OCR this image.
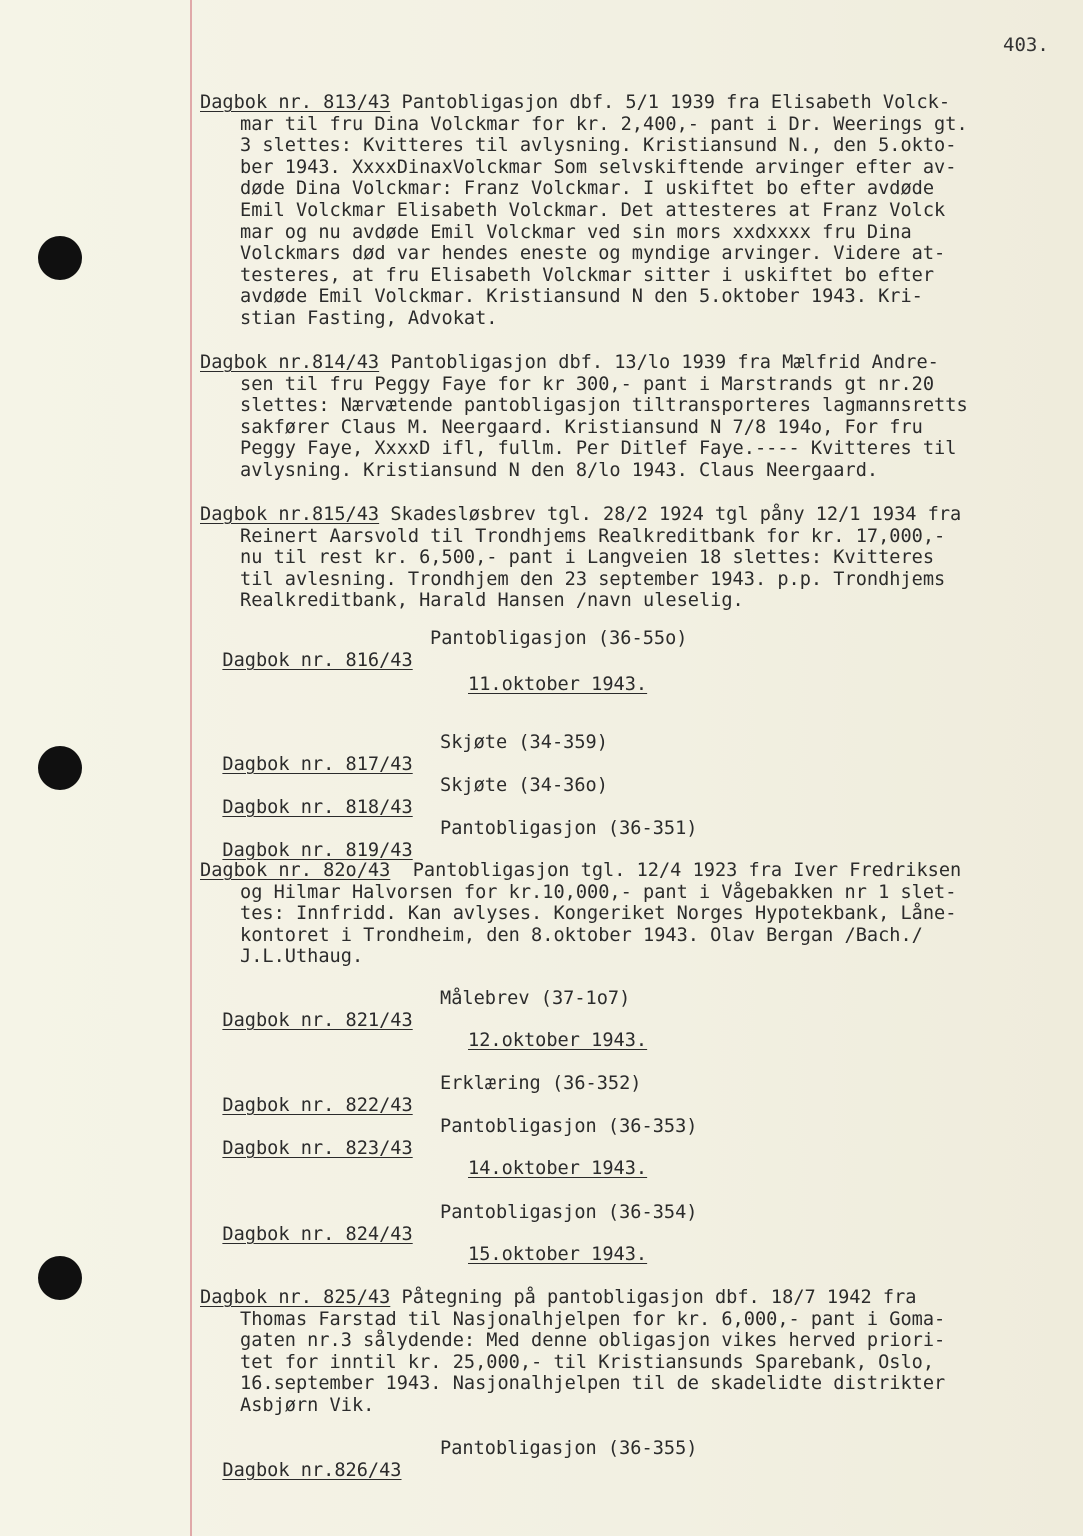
403.
Dagbok nr. 813/43 Pantobligasjon dbf. 5/1 1939 fra Elisabeth Volck-
mar til fru Dina Volckmar for kr. 2,400,- pant i Dr. Weerings gt.
3 slettes: Kvitteres til avlysning. Kristiansund N., den 5.okto-
ber 1943. XxxxDinaxVolckmar Som selvskiftende arvinger efter av-
døde Dina Volckmar: Franz Volckmar. I uskiftet bo efter avdøde
Emil Volckmar Elisabeth Volckmar. Det attesteres at Franz Volck
mar og nu avdøde Emil Volckmar ved sin mors xxdxxxx fru Dina
Volckmars død var hendes eneste og myndige arvinger. Videre at-
testeres, at fru Elisabeth Volckmar sitter i uskiftet bo efter
avdøde Emil Volckmar. Kristiansund N den 5.oktober 1943. Kri-
stian Fasting, Advokat.
Dagbok nr.814/43 Pantobligasjon dbf. 13/lo 1939 fra Mælfrid Andre-
sen til fru Peggy Faye for kr 300,- pant i Marstrands gt nr.20
slettes: Nærvætende pantobligasjon tiltransporteres lagmannsretts
sakfører Claus M. Neergaard. Kristiansund N 7/8 194o, For fru
Peggy Faye, XxxxD ifl, fullm. Per Ditlef Faye.---- Kvitteres til
avlysning. Kristiansund N den 8/lo 1943. Claus Neergaard.
Dagbok nr.815/43 Skadesløsbrev tgl. 28/2 1924 tgl påny 12/1 1934 fra
Reinert Aarsvold til Trondhjems Realkreditbank for kr. 17,000,-
nu til rest kr. 6,500,- pant i Langveien 18 slettes: Kvitteres
til avlesning. Trondhjem den 23 september 1943. p.p. Trondhjems
Realkreditbank, Harald Hansen /navn uleselig.

Dagbok nr. 816/43
Pantobligasjon (36-55o)

11.oktober 1943.

Dagbok nr. 817/43
Skjøte (34-359)

Dagbok nr. 818/43
Skjøte (34-36o)

Dagbok nr. 819/43
Pantobligasjon (36-351)

Dagbok nr. 82o/43 Pantobligasjon tgl. 12/4 1923 fra Iver Fredriksen
og Hilmar Halvorsen for kr.10,000,- pant i Vågebakken nr 1 slet-
tes: Innfridd. Kan avlyses. Kongeriket Norges Hypotekbank, Låne-
kontoret i Trondheim, den 8.oktober 1943. Olav Bergan /Bach./
J.L.Uthaug.

Dagbok nr. 821/43
Målebrev (37-1o7)

12.oktober 1943.

Dagbok nr. 822/43
Erklæring (36-352)

Dagbok nr. 823/43
Pantobligasjon (36-353)

14.oktober 1943.

Dagbok nr. 824/43
Pantobligasjon (36-354)

15.oktober 1943.
Dagbok nr. 825/43 Påtegning på pantobligasjon dbf. 18/7 1942 fra
Thomas Farstad til Nasjonalhjelpen for kr. 6,000,- pant i Goma-
gaten nr.3 sålydende: Med denne obligasjon vikes herved priori-
tet for inntil kr. 25,000,- til Kristiansunds Sparebank, Oslo,
16.september 1943. Nasjonalhjelpen til de skadelidte distrikter
Asbjørn Vik.

Dagbok nr.826/43
Pantobligasjon (36-355)
